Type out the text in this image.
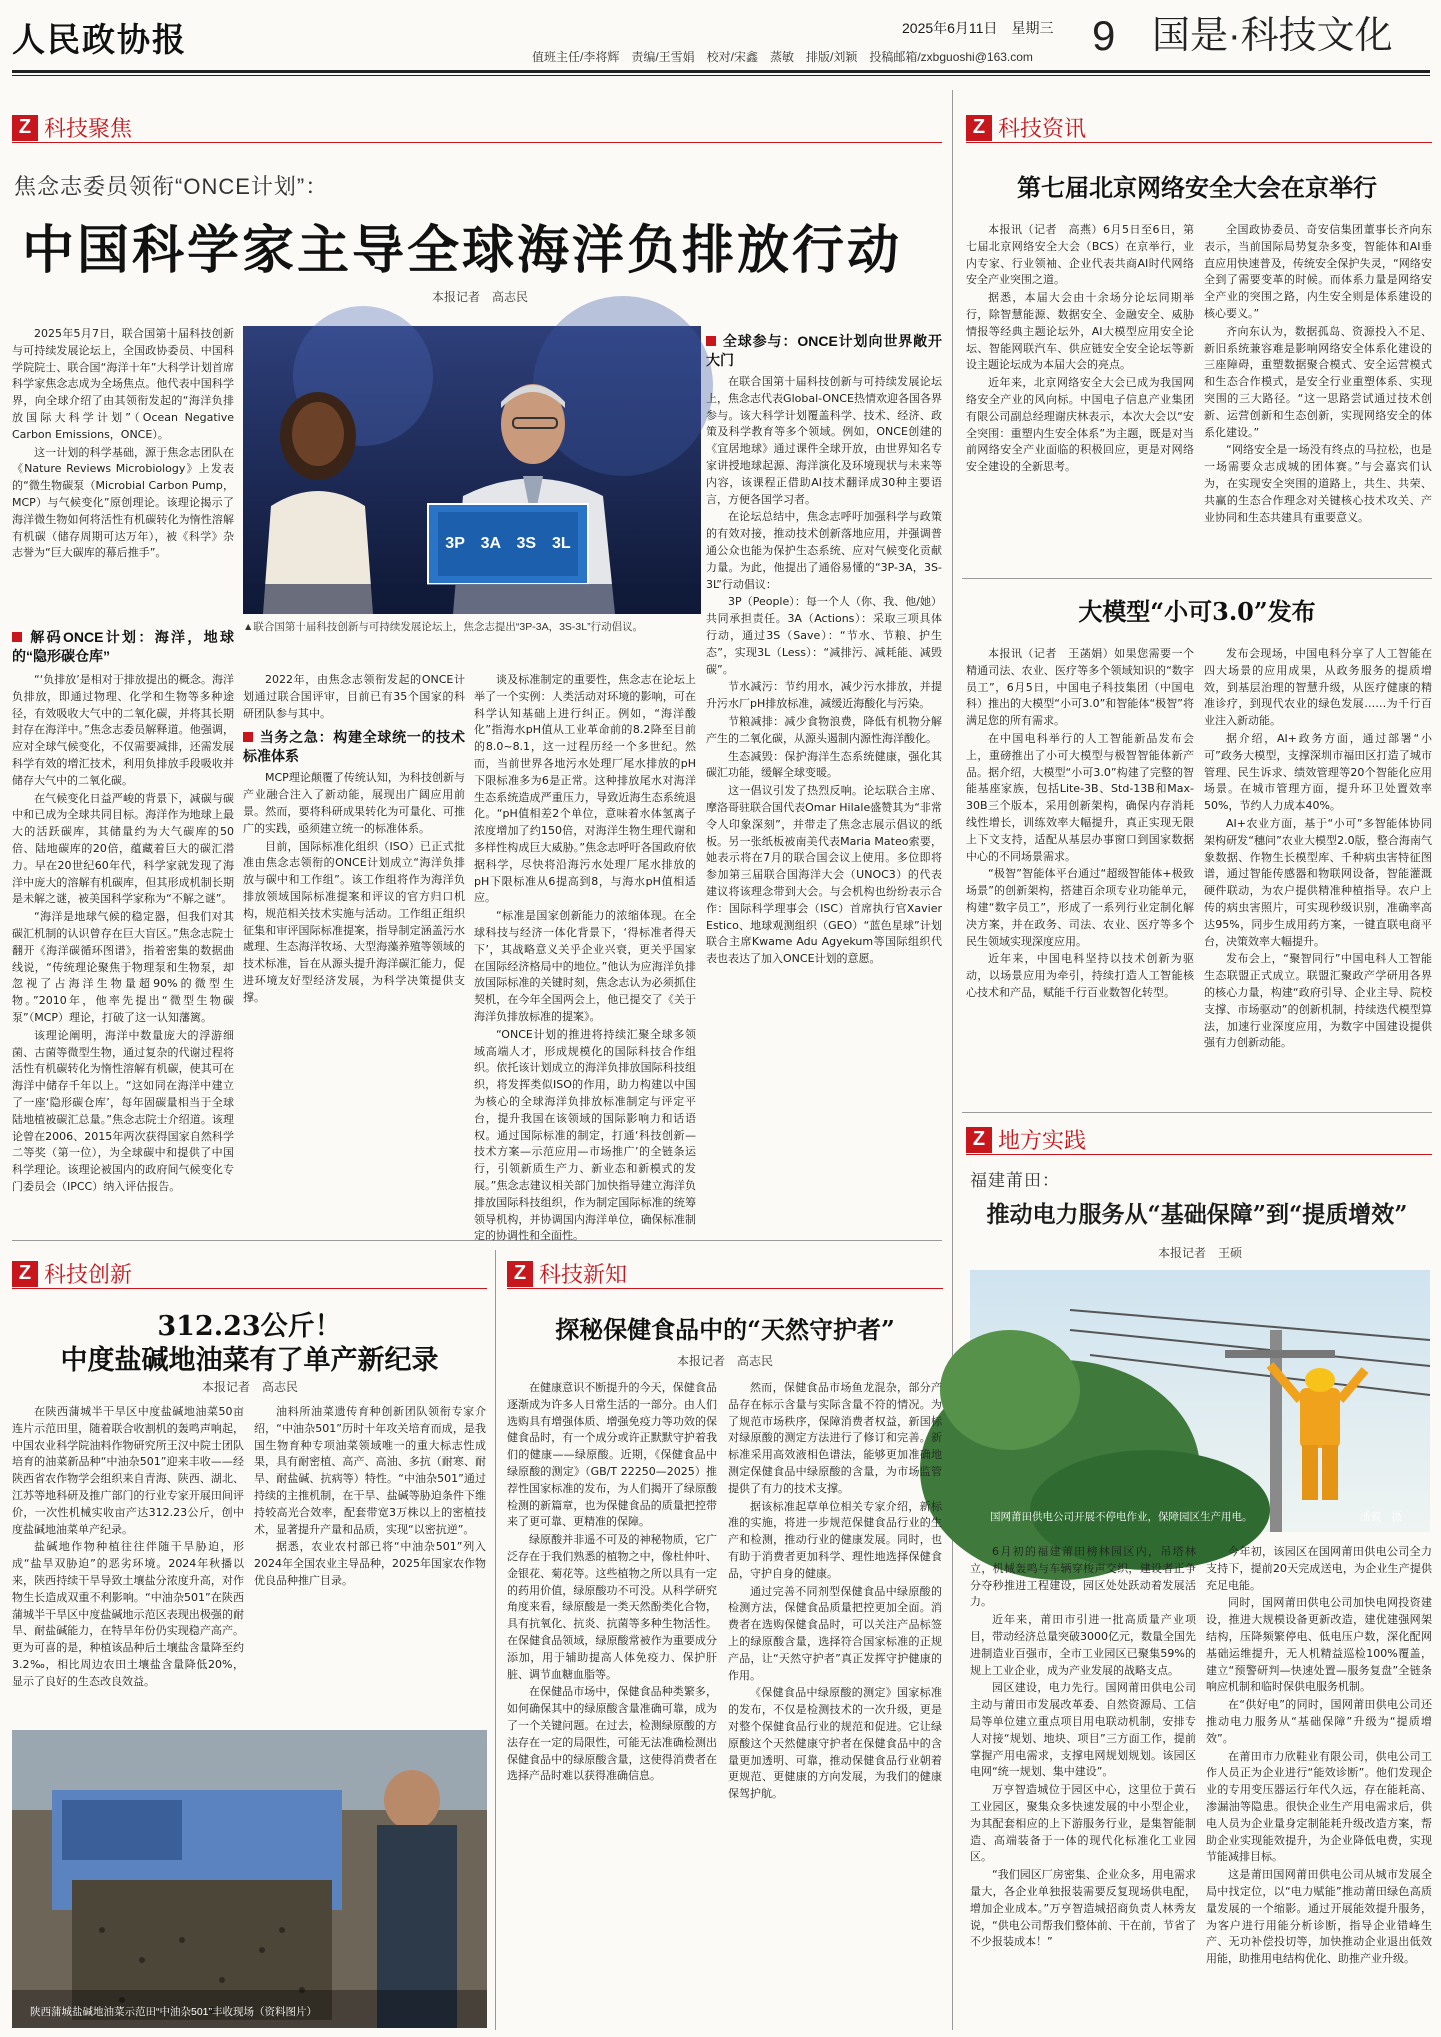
人民政协报	值班主任/李将辉　责编/王雪娟　校对/宋鑫　蒸敏　排版/刘颖　投稿邮箱/zxbguoshi@163.com
2025年6月11日　星期三 9 国是·科技文化
Z 科技聚焦
焦念志委员领衔“ONCE计划”：
中国科学家主导全球海洋负排放行动
本报记者　高志民

2025年5月7日，联合国第十届科技创新与可持续发展论坛上，全国政协委员、中国科学院院士、联合国“海洋十年”大科学计划首席科学家焦念志成为全场焦点。他代表中国科学界，向全球介绍了由其领衔发起的“海洋负排放国际大科学计划”（Ocean Negative Carbon Emissions，ONCE）。

这一计划的科学基础，源于焦念志团队在《Nature Reviews Microbiology》上发表的“微生物碳泵（Microbial Carbon Pump，MCP）与气候变化”原创理论。该理论揭示了海洋微生物如何将活性有机碳转化为惰性溶解有机碳（储存周期可达万年），被《科学》杂志誉为“巨大碳库的幕后推手”。

解码ONCE计划：海洋，地球的“隐形碳仓库”
3P　3A　3S　3L
▲联合国第十届科技创新与可持续发展论坛上，焦念志提出“3P-3A，3S-3L”行动倡议。

“‘负排放’是相对于排放提出的概念。海洋负排放，即通过物理、化学和生物等多种途径，有效吸收大气中的二氧化碳，并将其长期封存在海洋中。”焦念志委员解释道。他强调，应对全球气候变化，不仅需要减排，还需发展科学有效的增汇技术，利用负排放手段吸收并储存大气中的二氧化碳。

在气候变化日益严峻的背景下，减碳与碳中和已成为全球共同目标。海洋作为地球上最大的活跃碳库，其储量约为大气碳库的50倍、陆地碳库的20倍，蕴藏着巨大的碳汇潜力。早在20世纪60年代，科学家就发现了海洋中庞大的溶解有机碳库，但其形成机制长期是未解之谜，被美国科学家称为“不解之谜”。

“海洋是地球气候的稳定器，但我们对其碳汇机制的认识曾存在巨大盲区。”焦念志院士翻开《海洋碳循环图谱》，指着密集的数据曲线说，“传统理论聚焦于物理泵和生物泵，却忽视了占海洋生物量超90%的微型生物。”2010年，他率先提出“微型生物碳泵”（MCP）理论，打破了这一认知藩篱。

该理论阐明，海洋中数量庞大的浮游细菌、古菌等微型生物，通过复杂的代谢过程将活性有机碳转化为惰性溶解有机碳，使其可在海洋中储存千年以上。“这如同在海洋中建立了一座‘隐形碳仓库’，每年固碳量相当于全球陆地植被碳汇总量。”焦念志院士介绍道。该理论曾在2006、2015年两次获得国家自然科学二等奖（第一位），为全球碳中和提供了中国科学理论。该理论被国内的政府间气候变化专门委员会（IPCC）纳入评估报告。

2022年，由焦念志领衔发起的ONCE计划通过联合国评审，目前已有35个国家的科研团队参与其中。

当务之急：构建全球统一的技术标准体系

MCP理论颠覆了传统认知，为科技创新与产业融合注入了新动能，展现出广阔应用前景。然而，要将科研成果转化为可量化、可推广的实践，亟须建立统一的标准体系。

目前，国际标准化组织（ISO）已正式批准由焦念志领衔的ONCE计划成立“海洋负排放与碳中和工作组”。该工作组将作为海洋负排放领域国际标准提案和评议的官方归口机构，规范相关技术实施与活动。工作组正组织征集和审评国际标准提案，指导制定涵盖污水處理、生态海洋牧场、大型海藻养殖等领域的技术标准，旨在从源头提升海洋碳汇能力，促进环境友好型经济发展，为科学决策提供支撑。

谈及标准制定的重要性，焦念志在论坛上举了一个实例：人类活动对环境的影响，可在科学认知基础上进行纠正。例如，“海洋酸化”指海水pH值从工业革命前的8.2降至目前的8.0~8.1，这一过程历经一个多世纪。然而，当前世界各地污水处理厂尾水排放的pH下限标准多为6是正常。这种排放尾水对海洋生态系统造成严重压力，导致近海生态系统退化。“pH值相差2个单位，意味着水体氢离子浓度增加了约150倍，对海洋生物生理代谢和多样性构成巨大威胁。”焦念志呼吁各国政府依据科学，尽快将沿海污水处理厂尾水排放的pH下限标准从6提高到8，与海水pH值相适应。

“标准是国家创新能力的浓缩体现。在全球科技与经济一体化背景下，‘得标准者得天下’，其战略意义关乎企业兴衰，更关乎国家在国际经济格局中的地位。”他认为应海洋负排放国际标准的关键时刻，焦念志认为必须抓住契机，在今年全国两会上，他已提交了《关于海洋负排放标准的提案》。

“ONCE计划的推进将持续汇聚全球多领域高端人才，形成规模化的国际科技合作组织。依托该计划成立的海洋负排放国际科技组织，将发挥类似ISO的作用，助力构建以中国为核心的全球海洋负排放标准制定与评定平台，提升我国在该领域的国际影响力和话语权。通过国际标准的制定，打通‘科技创新—技术方案—示范应用—市场推广’的全链条运行，引领新质生产力、新业态和新模式的发展。”焦念志建议相关部门加快指导建立海洋负排放国际科技组织，作为制定国际标准的统筹领导机构，并协调国内海洋单位，确保标准制定的协调性和全面性。

全球参与：ONCE计划向世界敞开大门

在联合国第十届科技创新与可持续发展论坛上，焦念志代表Global-ONCE热情欢迎各国各界参与。该大科学计划覆盖科学、技术、经济、政策及科学教育等多个领域。例如，ONCE创建的《宜居地球》通过课件全球开放，由世界知名专家讲授地球起源、海洋演化及环境现状与未来等内容，该课程正借助AI技术翻译成30种主要语言，方便各国学习者。

在论坛总结中，焦念志呼吁加强科学与政策的有效对接，推动技术创新落地应用，并强调普通公众也能为保护生态系统、应对气候变化贡献力量。为此，他提出了通俗易懂的“3P-3A，3S-3L”行动倡议：

3P（People）：每一个人（你、我、他/她）共同承担责任。3A（Actions）：采取三项具体行动，通过3S（Save）：“节水、节粮、护生态”，实现3L（Less）：“减排污、减耗能、减毁碳”。

节水减污：节约用水，减少污水排放，并提升污水厂pH排放标准，减缓近海酸化与污染。

节粮减排：减少食物浪费，降低有机物分解产生的二氧化碳，从源头遏制内源性海洋酸化。

生态减毁：保护海洋生态系统健康，强化其碳汇功能，缓解全球变暖。

这一倡议引发了热烈反响。论坛联合主席、摩洛哥驻联合国代表Omar Hilale盛赞其为“非常令人印象深刻”，并带走了焦念志展示倡议的纸板。另一张纸板被南美代表Maria Mateo索要，她表示将在7月的联合国会议上使用。多位即将参加第三届联合国海洋大会（UNOC3）的代表建议将该理念带到大会。与会机构也纷纷表示合作：国际科学理事会（ISC）首席执行官Xavier Estico、地球观测组织（GEO）“蓝色星球”计划联合主席Kwame Adu Agyekum等国际组织代表也表达了加入ONCE计划的意愿。

Z 科技资讯
第七届北京网络安全大会在京举行

本报讯（记者　高燕）6月5日至6日，第七届北京网络安全大会（BCS）在京举行，业内专家、行业领袖、企业代表共商AI时代网络安全产业突围之道。

据悉，本届大会由十余场分论坛同期举行，除智慧能源、数据安全、金融安全、威胁情报等经典主题论坛外，AI大模型应用安全论坛、智能网联汽车、供应链安全安全论坛等新设主题论坛成为本届大会的亮点。

近年来，北京网络安全大会已成为我国网络安全产业的风向标。中国电子信息产业集团有限公司副总经理谢庆林表示，本次大会以“安全突围：重塑内生安全体系”为主题，既是对当前网络安全产业面临的积极回应，更是对网络安全建设的全新思考。

全国政协委员、奇安信集团董事长齐向东表示，当前国际局势复杂多变，智能体和AI垂直应用快速普及，传统安全保护失灵，“网络安全到了需要变革的时候。而体系力量是网络安全产业的突围之路，内生安全则是体系建设的核心要义。”

齐向东认为，数据孤岛、资源投入不足、新旧系统兼容难是影响网络安全体系化建设的三座障碍，重塑数据聚合模式、安全运营模式和生态合作模式，是安全行业重塑体系、实现突围的三大路径。“这一思路尝试通过技术创新、运营创新和生态创新，实现网络安全的体系化建设。”

“网络安全是一场没有终点的马拉松，也是一场需要众志成城的团体赛。”与会嘉宾们认为，在实现安全突围的道路上，共生、共荣、共赢的生态合作理念对关键核心技术攻关、产业协同和生态共建具有重要意义。

大模型“小可3.0”发布

本报讯（记者　王菡娟）如果您需要一个精通司法、农业、医疗等多个领域知识的“数字员工”，6月5日，中国电子科技集团（中国电科）推出的大模型“小可3.0”和智能体“极智”将满足您的所有需求。

在中国电科举行的人工智能新品发布会上，重磅推出了小可大模型与极智智能体新产品。据介绍，大模型“小可3.0”构建了完整的智能基座家族，包括Lite-3B、Std-13B和Max-30B三个版本，采用创新架构，确保内存消耗线性增长，训练效率大幅提升，真正实现无限上下文支持，适配从基层办事窗口到国家数据中心的不同场景需求。

“极智”智能体平台通过“超级智能体+极致场景”的创新架构，搭建百余项专业功能单元，构建“数字员工”，形成了一系列行业定制化解决方案，并在政务、司法、农业、医疗等多个民生领域实现深度应用。

近年来，中国电科坚持以技术创新为驱动，以场景应用为牵引，持续打造人工智能核心技术和产品，赋能千行百业数智化转型。

发布会现场，中国电科分享了人工智能在四大场景的应用成果，从政务服务的提质增效，到基层治理的智慧升级，从医疗健康的精准诊疗，到现代农业的绿色发展……为千行百业注入新动能。

据介绍，AI+政务方面，通过部署“小可”政务大模型，支撑深圳市福田区打造了城市管理、民生诉求、绩效管理等20个智能化应用场景。在城市管理方面，提升环卫处置效率50%，节约人力成本40%。

AI+农业方面，基于“小可”多智能体协同架构研发“穗问”农业大模型2.0版，整合海南气象数据、作物生长模型库、千种病虫害特征图谱，通过智能传感器和物联网设备，智能灌溉硬件联动，为农户提供精准种植指导。农户上传的病虫害照片，可实现秒级识别，准确率高达95%，同步生成用药方案，一键直联电商平台，决策效率大幅提升。

发布会上，“聚智同行”中国电科人工智能生态联盟正式成立。联盟汇聚政产学研用各界的核心力量，构建“政府引导、企业主导、院校支撑、市场驱动”的创新机制，持续迭代模型算法，加速行业深度应用，为数字中国建设提供强有力创新动能。

Z 地方实践
福建莆田：
推动电力服务从“基础保障”到“提质增效”
本报记者　王硕
国网莆田供电公司开展不停电作业，保障园区生产用电。	潘毅　摄

6月初的福建莆田榜林园区内，吊塔林立，机械轰鸣与车辆穿梭声交织，建设者正争分夺秒推进工程建设，园区处处跃动着发展活力。

近年来，莆田市引进一批高质量产业项目，带动经济总量突破3000亿元，数量全国先进制造业百强市，全市工业园区已聚集59%的规上工业企业，成为产业发展的战略支点。

园区建设，电力先行。国网莆田供电公司主动与莆田市发展改革委、自然资源局、工信局等单位建立重点项目用电联动机制，安排专人对接“规划、地块、项目”三方面工作，提前掌握产用电需求，支撑电网规划规划。该园区电网“统一规划、集中建设”。

万亨智造城位于园区中心，这里位于黄石工业园区，聚集众多快速发展的中小型企业，为其配套相应的上下游服务行业，是集智能制造、高端装备于一体的现代化标准化工业园区。

“我们园区厂房密集、企业众多，用电需求量大，各企业单独报装需要反复现场供电配，增加企业成本。”万亨智造城招商负责人林秀友说，“供电公司帮我们整体前、干在前，节省了不少报装成本！”

今年初，该园区在国网莆田供电公司全力支持下，提前20天完成送电，为企业生产提供充足电能。

同时，国网莆田供电公司加快电网投资建设，推进大规模设备更新改造，建优建强网架结构，压降频繁停电、低电压户数，深化配网基础运维提升，无人机精益巡检100%覆盖，建立“预警研判—快速处置—服务复盘”全链条响应机制和临时保供电服务机制。

在“供好电”的同时，国网莆田供电公司还推动电力服务从“基础保障”升级为“提质增效”。

在莆田市力欣鞋业有限公司，供电公司工作人员正为企业进行“能效诊断”。他们发现企业的专用变压器运行年代久远，存在能耗高、渗漏油等隐患。很快企业生产用电需求后，供电人员为企业量身定制能耗升级改造方案，帮助企业实现能效提升，为企业降低电费，实现节能减排目标。

这是莆田国网莆田供电公司从城市发展全局中找定位，以“电力赋能”推动莆田绿色高质量发展的一个缩影。通过开展能效提升服务，为客户进行用能分析诊断，指导企业错峰生产、无功补偿投切等，加快推动企业退出低效用能，助推用电结构优化、助推产业升级。

Z 科技创新
312.23公斤！
中度盐碱地油菜有了单产新纪录
本报记者　高志民

在陕西蒲城半干旱区中度盐碱地油菜50亩连片示范田里，随着联合收割机的轰鸣声响起，中国农业科学院油料作物研究所王汉中院士团队培育的油菜新品种“中油杂501”迎来丰收——经陕西省农作物学会组织来自青海、陕西、湖北、江苏等地科研及推广部门的行业专家开展田间评价，一次性机械实收亩产达312.23公斤，创中度盐碱地油菜单产纪录。

盐碱地作物种植往往伴随干旱胁迫，形成“盐旱双胁迫”的恶劣环境。2024年秋播以来，陕西持续干旱导致土壤盐分浓度升高，对作物生长造成双重不利影响。“中油杂501”在陕西蒲城半干旱区中度盐碱地示范区表现出极强的耐旱、耐盐碱能力，在特旱年份仍实现稳产高产。更为可喜的是，种植该品种后土壤盐含量降至约3.2‰，相比周边农田土壤盐含量降低20%，显示了良好的生态改良效益。

油料所油菜遗传育种创新团队领衔专家介绍，“中油杂501”历时十年攻关培育而成，是我国生物育种专项油菜领域唯一的重大标志性成果，具有耐密植、高产、高油、多抗（耐寒、耐旱、耐盐碱、抗病等）特性。“中油杂501”通过持续的主推机制，在干旱、盐碱等胁迫条件下维持较高光合效率，配套带宽3万株以上的密植技术，显著提升产量和品质，实现“以密抗逆”。

据悉，农业农村部已将“中油杂501”列入2024年全国农业主导品种，2025年国家农作物优良品种推广目录。

陕西蒲城盐碱地油菜示范田“中油杂501”丰收现场（资料图片）
Z 科技新知
探秘保健食品中的“天然守护者”
本报记者　高志民

在健康意识不断提升的今天，保健食品逐渐成为许多人日常生活的一部分。由人们选购具有增强体质、增强免疫力等功效的保健食品时，有一个成分或许正默默守护着我们的健康——绿原酸。近期，《保健食品中绿原酸的测定》（GB/T 22250—2025）推荐性国家标准的发布，为人们揭开了绿原酸检测的新篇章，也为保健食品的质量把控带来了更可靠、更精准的保障。

绿原酸并非遥不可及的神秘物质，它广泛存在于我们熟悉的植物之中，像杜仲叶、金银花、菊花等。这些植物之所以具有一定的药用价值，绿原酸功不可没。从科学研究角度来看，绿原酸是一类天然酚类化合物，具有抗氧化、抗炎、抗菌等多种生物活性。在保健食品领域，绿原酸常被作为重要成分添加，用于辅助提高人体免疫力、保护肝脏、调节血糖血脂等。

在保健品市场中，保健食品种类繁多，如何确保其中的绿原酸含量准确可靠，成为了一个关键问题。在过去，检测绿原酸的方法存在一定的局限性，可能无法准确检测出保健食品中的绿原酸含量，这使得消费者在选择产品时难以获得准确信息。

然而，保健食品市场鱼龙混杂，部分产品存在标示含量与实际含量不符的情况。为了规范市场秩序，保障消费者权益，新国标对绿原酸的测定方法进行了修订和完善。新标准采用高效液相色谱法，能够更加准确地测定保健食品中绿原酸的含量，为市场监管提供了有力的技术支撑。

据该标准起草单位相关专家介绍，新标准的实施，将进一步规范保健食品行业的生产和检测，推动行业的健康发展。同时，也有助于消费者更加科学、理性地选择保健食品，守护自身的健康。

通过完善不同剂型保健食品中绿原酸的检测方法，保健食品质量把控更加全面。消费者在选购保健食品时，可以关注产品标签上的绿原酸含量，选择符合国家标准的正规产品，让“天然守护者”真正发挥守护健康的作用。

《保健食品中绿原酸的测定》国家标准的发布，不仅是检测技术的一次升级，更是对整个保健食品行业的规范和促进。它让绿原酸这个天然健康守护者在保健食品中的含量更加透明、可靠，推动保健食品行业朝着更规范、更健康的方向发展，为我们的健康保驾护航。
